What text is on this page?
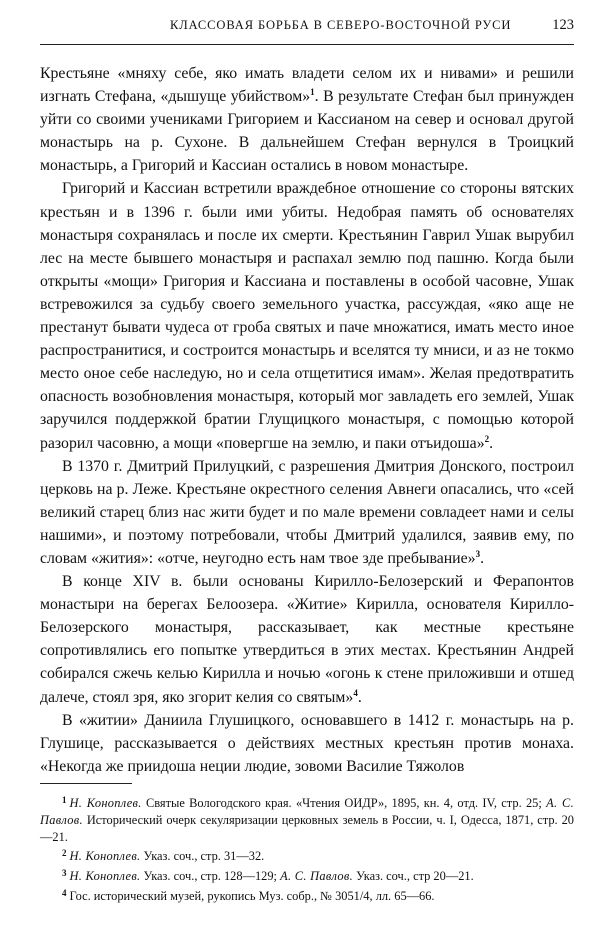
КЛАССОВАЯ БОРЬБА В СЕВЕРО-ВОСТОЧНОЙ РУСИ	123

Крестьяне «мняху себе, яко имать владети селом их и нивами» и решили изгнать Стефана, «дышуще убийством»$^1$. В результате Стефан был принужден уйти со своими учениками Григорием и Кассианом на север и основал другой монастырь на р. Сухоне. В дальнейшем Стефан вернулся в Троицкий монастырь, а Григорий и Кассиан остались в новом монастыре.

Григорий и Кассиан встретили враждебное отношение со стороны вятских крестьян и в 1396 г. были ими убиты. Недобрая память об основателях монастыря сохранялась и после их смерти. Крестьянин Гаврил Ушак вырубил лес на месте бывшего монастыря и распахал землю под пашню. Когда были открыты «мощи» Григория и Кассиана и поставлены в особой часовне, Ушак встревожился за судьбу своего земельного участка, рассуждая, «яко аще не престанут бывати чудеса от гроба святых и паче множатися, имать место иное распространитися, и состроится монастырь и вселятся ту мниси, и аз не токмо место оное себе наследую, но и села отщетитися имам». Желая предотвратить опасность возобновления монастыря, который мог завладеть его землей, Ушак заручился поддержкой братии Глущицкого монастыря, с помощью которой разорил часовню, а мощи «повергше на землю, и паки отъидоша»$^2$.

В 1370 г. Дмитрий Прилуцкий, с разрешения Дмитрия Донского, построил церковь на р. Леже. Крестьяне окрестного селения Авнеги опасались, что «сей великий старец близ нас жити будет и по мале времени совладеет нами и селы нашими», и поэтому потребовали, чтобы Дмитрий удалился, заявив ему, по словам «жития»: «отче, неугодно есть нам твое зде пребывание»$^3$.

В конце XIV в. были основаны Кирилло-Белозерский и Ферапонтов монастыри на берегах Белоозера. «Житие» Кирилла, основателя Кирилло-Белозерского монастыря, рассказывает, как местные крестьяне сопротивлялись его попытке утвердиться в этих местах. Крестьянин Андрей собирался сжечь келью Кирилла и ночью «огонь к стене приложивши и отшед далече, стоял зря, яко згорит келия со святым»$^4$.

В «житии» Даниила Глушицкого, основавшего в 1412 г. монастырь на р. Глушице, рассказывается о действиях местных крестьян против монаха. «Некогда же приидоша неции людие, зовоми Василие Тяжолов

$^1$ Н. Коноплев. Святые Вологодского края. «Чтения ОИДР», 1895, кн. 4, отд. IV, стр. 25; А. С. Павлов. Исторический очерк секуляризации церковных земель в России, ч. I, Одесса, 1871, стр. 20—21.

$^2$ Н. Коноплев. Указ. соч., стр. 31—32.

$^3$ Н. Коноплев. Указ. соч., стр. 128—129; А. С. Павлов. Указ. соч., стр 20—21.

$^4$ Гос. исторический музей, рукопись Муз. собр., № 3051/4, лл. 65—66.
